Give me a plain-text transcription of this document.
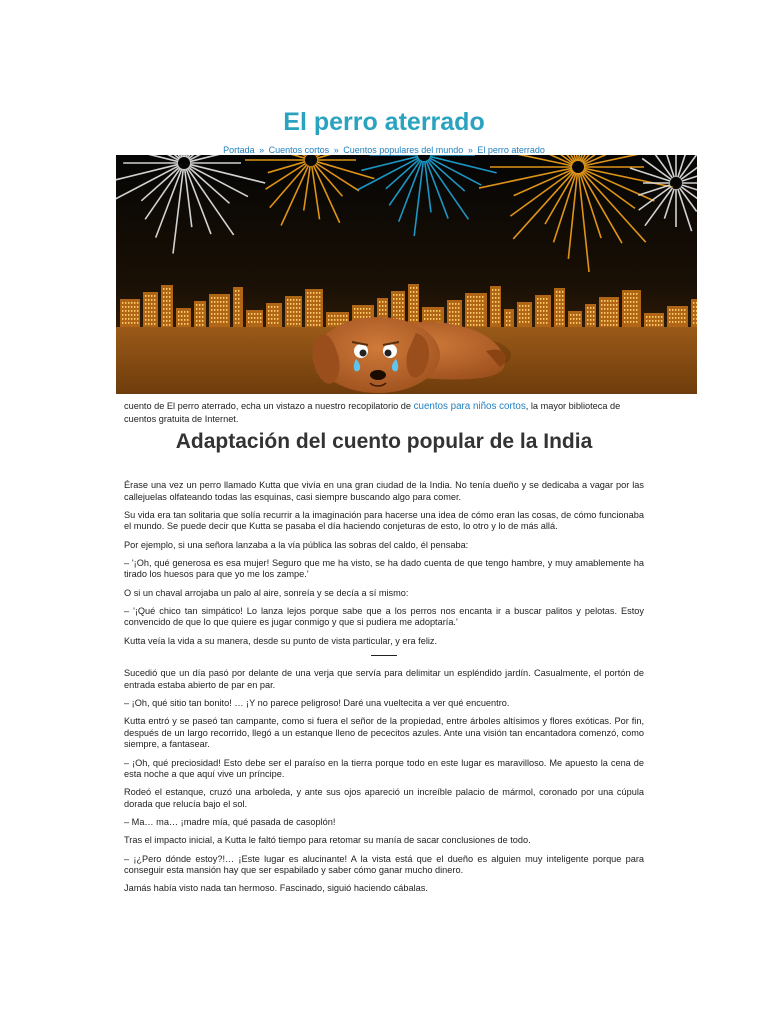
El perro aterrado
Portada » Cuentos cortos » Cuentos populares del mundo » El perro aterrado
cuento de El perro aterrado, echa un vistazo a nuestro recopilatorio de cuentos para niños cortos, la mayor biblioteca de cuentos gratuita de Internet.
Adaptación del cuento popular de la India

Érase una vez un perro llamado Kutta que vivía en una gran ciudad de la India. No tenía dueño y se dedicaba a vagar por las callejuelas olfateando todas las esquinas, casi siempre buscando algo para comer.

Su vida era tan solitaria que solía recurrir a la imaginación para hacerse una idea de cómo eran las cosas, de cómo funcionaba el mundo. Se puede decir que Kutta se pasaba el día haciendo conjeturas de esto, lo otro y lo de más allá.

Por ejemplo, si una señora lanzaba a la vía pública las sobras del caldo, él pensaba:

– '¡Oh, qué generosa es esa mujer! Seguro que me ha visto, se ha dado cuenta de que tengo hambre, y muy amablemente ha tirado los huesos para que yo me los zampe.'

O si un chaval arrojaba un palo al aire, sonreía y se decía a sí mismo:

– '¡Qué chico tan simpático! Lo lanza lejos porque sabe que a los perros nos encanta ir a buscar palitos y pelotas. Estoy convencido de que lo que quiere es jugar conmigo y que si pudiera me adoptaría.'

Kutta veía la vida a su manera, desde su punto de vista particular, y era feliz.

Sucedió que un día pasó por delante de una verja que servía para delimitar un espléndido jardín. Casualmente, el portón de entrada estaba abierto de par en par.

– ¡Oh, qué sitio tan bonito! … ¡Y no parece peligroso! Daré una vueltecita a ver qué encuentro.

Kutta entró y se paseó tan campante, como si fuera el señor de la propiedad, entre árboles altísimos y flores exóticas. Por fin, después de un largo recorrido, llegó a un estanque lleno de pececitos azules. Ante una visión tan encantadora comenzó, como siempre, a fantasear.

– ¡Oh, qué preciosidad! Esto debe ser el paraíso en la tierra porque todo en este lugar es maravilloso. Me apuesto la cena de esta noche a que aquí vive un príncipe.

Rodeó el estanque, cruzó una arboleda, y ante sus ojos apareció un increíble palacio de mármol, coronado por una cúpula dorada que relucía bajo el sol.

– Ma… ma… ¡madre mía, qué pasada de casoplón!

Tras el impacto inicial, a Kutta le faltó tiempo para retomar su manía de sacar conclusiones de todo.

– ¡¿Pero dónde estoy?!… ¡Este lugar es alucinante! A la vista está que el dueño es alguien muy inteligente porque para conseguir esta mansión hay que ser espabilado y saber cómo ganar mucho dinero.

Jamás había visto nada tan hermoso. Fascinado, siguió haciendo cábalas.
